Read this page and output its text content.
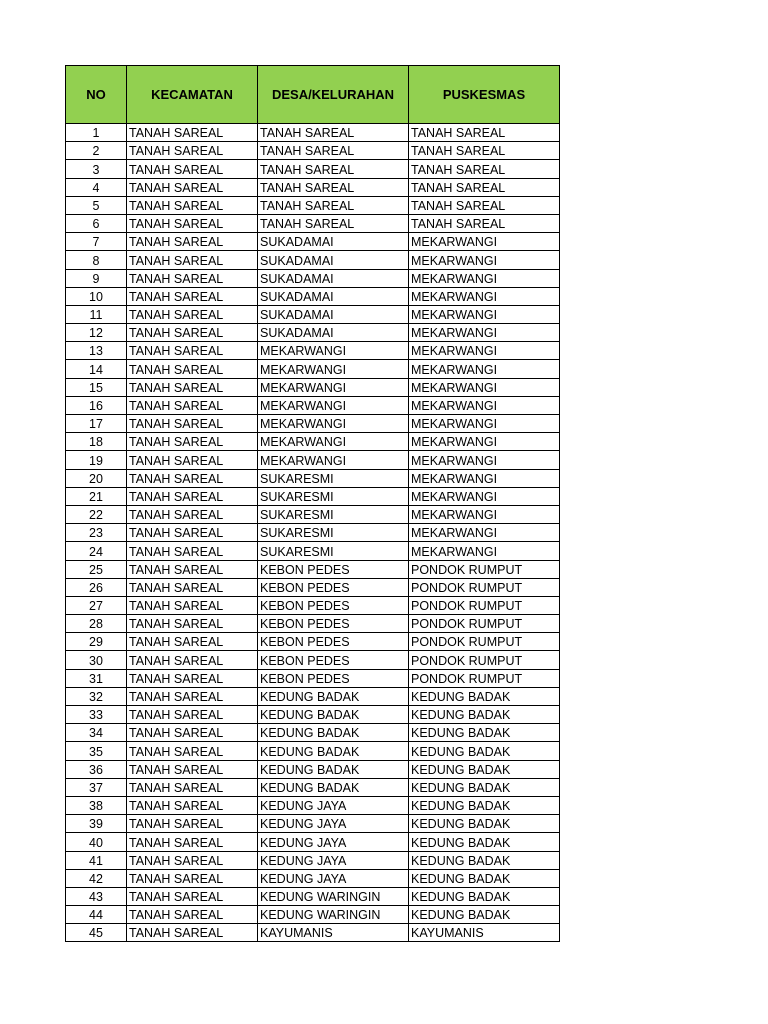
NO	KECAMATAN	DESA/KELURAHAN	PUSKESMAS
1	TANAH SAREAL	TANAH SAREAL	TANAH SAREAL
2	TANAH SAREAL	TANAH SAREAL	TANAH SAREAL
3	TANAH SAREAL	TANAH SAREAL	TANAH SAREAL
4	TANAH SAREAL	TANAH SAREAL	TANAH SAREAL
5	TANAH SAREAL	TANAH SAREAL	TANAH SAREAL
6	TANAH SAREAL	TANAH SAREAL	TANAH SAREAL
7	TANAH SAREAL	SUKADAMAI	MEKARWANGI
8	TANAH SAREAL	SUKADAMAI	MEKARWANGI
9	TANAH SAREAL	SUKADAMAI	MEKARWANGI
10	TANAH SAREAL	SUKADAMAI	MEKARWANGI
11	TANAH SAREAL	SUKADAMAI	MEKARWANGI
12	TANAH SAREAL	SUKADAMAI	MEKARWANGI
13	TANAH SAREAL	MEKARWANGI	MEKARWANGI
14	TANAH SAREAL	MEKARWANGI	MEKARWANGI
15	TANAH SAREAL	MEKARWANGI	MEKARWANGI
16	TANAH SAREAL	MEKARWANGI	MEKARWANGI
17	TANAH SAREAL	MEKARWANGI	MEKARWANGI
18	TANAH SAREAL	MEKARWANGI	MEKARWANGI
19	TANAH SAREAL	MEKARWANGI	MEKARWANGI
20	TANAH SAREAL	SUKARESMI	MEKARWANGI
21	TANAH SAREAL	SUKARESMI	MEKARWANGI
22	TANAH SAREAL	SUKARESMI	MEKARWANGI
23	TANAH SAREAL	SUKARESMI	MEKARWANGI
24	TANAH SAREAL	SUKARESMI	MEKARWANGI
25	TANAH SAREAL	KEBON PEDES	PONDOK RUMPUT
26	TANAH SAREAL	KEBON PEDES	PONDOK RUMPUT
27	TANAH SAREAL	KEBON PEDES	PONDOK RUMPUT
28	TANAH SAREAL	KEBON PEDES	PONDOK RUMPUT
29	TANAH SAREAL	KEBON PEDES	PONDOK RUMPUT
30	TANAH SAREAL	KEBON PEDES	PONDOK RUMPUT
31	TANAH SAREAL	KEBON PEDES	PONDOK RUMPUT
32	TANAH SAREAL	KEDUNG BADAK	KEDUNG BADAK
33	TANAH SAREAL	KEDUNG BADAK	KEDUNG BADAK
34	TANAH SAREAL	KEDUNG BADAK	KEDUNG BADAK
35	TANAH SAREAL	KEDUNG BADAK	KEDUNG BADAK
36	TANAH SAREAL	KEDUNG BADAK	KEDUNG BADAK
37	TANAH SAREAL	KEDUNG BADAK	KEDUNG BADAK
38	TANAH SAREAL	KEDUNG JAYA	KEDUNG BADAK
39	TANAH SAREAL	KEDUNG JAYA	KEDUNG BADAK
40	TANAH SAREAL	KEDUNG JAYA	KEDUNG BADAK
41	TANAH SAREAL	KEDUNG JAYA	KEDUNG BADAK
42	TANAH SAREAL	KEDUNG JAYA	KEDUNG BADAK
43	TANAH SAREAL	KEDUNG WARINGIN	KEDUNG BADAK
44	TANAH SAREAL	KEDUNG WARINGIN	KEDUNG BADAK
45	TANAH SAREAL	KAYUMANIS	KAYUMANIS
